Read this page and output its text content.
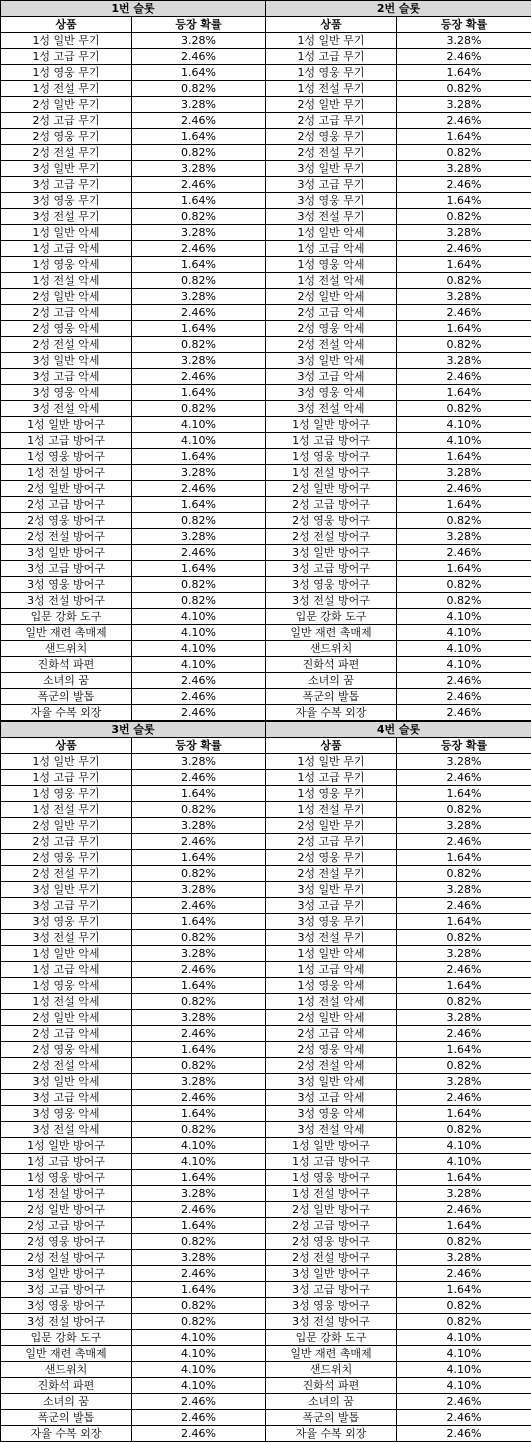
1번 슬롯		2번 슬롯	
상품	등장 확률	상품	등장 확률
1성 일반 무기	3.28%	1성 일반 무기	3.28%
1성 고급 무기	2.46%	1성 고급 무기	2.46%
1성 영웅 무기	1.64%	1성 영웅 무기	1.64%
1성 전설 무기	0.82%	1성 전설 무기	0.82%
2성 일반 무기	3.28%	2성 일반 무기	3.28%
2성 고급 무기	2.46%	2성 고급 무기	2.46%
2성 영웅 무기	1.64%	2성 영웅 무기	1.64%
2성 전설 무기	0.82%	2성 전설 무기	0.82%
3성 일반 무기	3.28%	3성 일반 무기	3.28%
3성 고급 무기	2.46%	3성 고급 무기	2.46%
3성 영웅 무기	1.64%	3성 영웅 무기	1.64%
3성 전설 무기	0.82%	3성 전설 무기	0.82%
1성 일반 악세	3.28%	1성 일반 악세	3.28%
1성 고급 악세	2.46%	1성 고급 악세	2.46%
1성 영웅 악세	1.64%	1성 영웅 악세	1.64%
1성 전설 악세	0.82%	1성 전설 악세	0.82%
2성 일반 악세	3.28%	2성 일반 악세	3.28%
2성 고급 악세	2.46%	2성 고급 악세	2.46%
2성 영웅 악세	1.64%	2성 영웅 악세	1.64%
2성 전설 악세	0.82%	2성 전설 악세	0.82%
3성 일반 악세	3.28%	3성 일반 악세	3.28%
3성 고급 악세	2.46%	3성 고급 악세	2.46%
3성 영웅 악세	1.64%	3성 영웅 악세	1.64%
3성 전설 악세	0.82%	3성 전설 악세	0.82%
1성 일반 방어구	4.10%	1성 일반 방어구	4.10%
1성 고급 방어구	4.10%	1성 고급 방어구	4.10%
1성 영웅 방어구	1.64%	1성 영웅 방어구	1.64%
1성 전설 방어구	3.28%	1성 전설 방어구	3.28%
2성 일반 방어구	2.46%	2성 일반 방어구	2.46%
2성 고급 방어구	1.64%	2성 고급 방어구	1.64%
2성 영웅 방어구	0.82%	2성 영웅 방어구	0.82%
2성 전설 방어구	3.28%	2성 전설 방어구	3.28%
3성 일반 방어구	2.46%	3성 일반 방어구	2.46%
3성 고급 방어구	1.64%	3성 고급 방어구	1.64%
3성 영웅 방어구	0.82%	3성 영웅 방어구	0.82%
3성 전설 방어구	0.82%	3성 전설 방어구	0.82%
입문 강화 도구	4.10%	입문 강화 도구	4.10%
일반 재련 촉매제	4.10%	일반 재련 촉매제	4.10%
샌드위치	4.10%	샌드위치	4.10%
진화석 파편	4.10%	진화석 파편	4.10%
소녀의 꿈	2.46%	소녀의 꿈	2.46%
폭군의 발톱	2.46%	폭군의 발톱	2.46%
자율 수복 외장	2.46%	자율 수복 외장	2.46%
3번 슬롯		4번 슬롯	
상품	등장 확률	상품	등장 확률
1성 일반 무기	3.28%	1성 일반 무기	3.28%
1성 고급 무기	2.46%	1성 고급 무기	2.46%
1성 영웅 무기	1.64%	1성 영웅 무기	1.64%
1성 전설 무기	0.82%	1성 전설 무기	0.82%
2성 일반 무기	3.28%	2성 일반 무기	3.28%
2성 고급 무기	2.46%	2성 고급 무기	2.46%
2성 영웅 무기	1.64%	2성 영웅 무기	1.64%
2성 전설 무기	0.82%	2성 전설 무기	0.82%
3성 일반 무기	3.28%	3성 일반 무기	3.28%
3성 고급 무기	2.46%	3성 고급 무기	2.46%
3성 영웅 무기	1.64%	3성 영웅 무기	1.64%
3성 전설 무기	0.82%	3성 전설 무기	0.82%
1성 일반 악세	3.28%	1성 일반 악세	3.28%
1성 고급 악세	2.46%	1성 고급 악세	2.46%
1성 영웅 악세	1.64%	1성 영웅 악세	1.64%
1성 전설 악세	0.82%	1성 전설 악세	0.82%
2성 일반 악세	3.28%	2성 일반 악세	3.28%
2성 고급 악세	2.46%	2성 고급 악세	2.46%
2성 영웅 악세	1.64%	2성 영웅 악세	1.64%
2성 전설 악세	0.82%	2성 전설 악세	0.82%
3성 일반 악세	3.28%	3성 일반 악세	3.28%
3성 고급 악세	2.46%	3성 고급 악세	2.46%
3성 영웅 악세	1.64%	3성 영웅 악세	1.64%
3성 전설 악세	0.82%	3성 전설 악세	0.82%
1성 일반 방어구	4.10%	1성 일반 방어구	4.10%
1성 고급 방어구	4.10%	1성 고급 방어구	4.10%
1성 영웅 방어구	1.64%	1성 영웅 방어구	1.64%
1성 전설 방어구	3.28%	1성 전설 방어구	3.28%
2성 일반 방어구	2.46%	2성 일반 방어구	2.46%
2성 고급 방어구	1.64%	2성 고급 방어구	1.64%
2성 영웅 방어구	0.82%	2성 영웅 방어구	0.82%
2성 전설 방어구	3.28%	2성 전설 방어구	3.28%
3성 일반 방어구	2.46%	3성 일반 방어구	2.46%
3성 고급 방어구	1.64%	3성 고급 방어구	1.64%
3성 영웅 방어구	0.82%	3성 영웅 방어구	0.82%
3성 전설 방어구	0.82%	3성 전설 방어구	0.82%
입문 강화 도구	4.10%	입문 강화 도구	4.10%
일반 재련 촉매제	4.10%	일반 재련 촉매제	4.10%
샌드위치	4.10%	샌드위치	4.10%
진화석 파편	4.10%	진화석 파편	4.10%
소녀의 꿈	2.46%	소녀의 꿈	2.46%
폭군의 발톱	2.46%	폭군의 발톱	2.46%
자율 수복 외장	2.46%	자율 수복 외장	2.46%
